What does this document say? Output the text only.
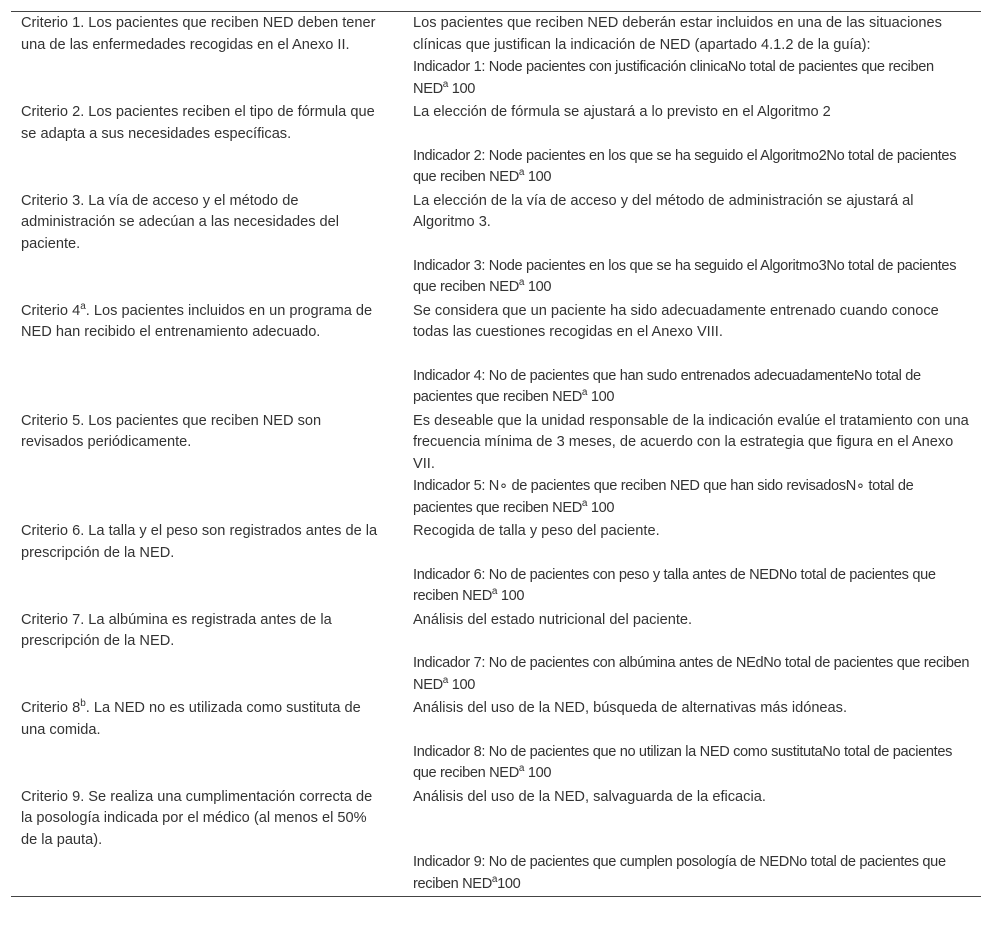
Criterio 1. Los pacientes que reciben NED deben tener una de las enfermedades recogidas en el Anexo II.

Los pacientes que reciben NED deberán estar incluidos en una de las situaciones clínicas que justifican la indicación de NED (apartado 4.1.2 de la guía):

Indicador 1: Node pacientes con justificación clinicaNo total de pacientes que reciben NED$^a$ 100

Criterio 2. Los pacientes reciben el tipo de fórmula que se adapta a sus necesidades específicas.

La elección de fórmula se ajustará a lo previsto en el Algoritmo 2

Indicador 2: Node pacientes en los que se ha seguido el Algoritmo2No total de pacientes que reciben NED$^a$ 100

Criterio 3. La vía de acceso y el método de administración se adecúan a las necesidades del paciente.

La elección de la vía de acceso y del método de administración se ajustará al Algoritmo 3.

Indicador 3: Node pacientes en los que se ha seguido el Algoritmo3No total de pacientes que reciben NED$^a$ 100

Criterio 4$^a$. Los pacientes incluidos en un programa de NED han recibido el entrenamiento adecuado.

Se considera que un paciente ha sido adecuadamente entrenado cuando conoce todas las cuestiones recogidas en el Anexo VIII.

Indicador 4: No de pacientes que han sudo entrenados adecuadamenteNo total de pacientes que reciben NED$^a$ 100

Criterio 5. Los pacientes que reciben NED son revisados periódicamente.

Es deseable que la unidad responsable de la indicación evalúe el tratamiento con una frecuencia mínima de 3 meses, de acuerdo con la estrategia que figura en el Anexo VII.

Indicador 5: N∘ de pacientes que reciben NED que han sido revisadosN∘ total de pacientes que reciben NED$^a$ 100

Criterio 6. La talla y el peso son registrados antes de la prescripción de la NED.

Recogida de talla y peso del paciente.

Indicador 6: No de pacientes con peso y talla antes de NEDNo total de pacientes que reciben NED$^a$ 100

Criterio 7. La albúmina es registrada antes de la prescripción de la NED.

Análisis del estado nutricional del paciente.

Indicador 7: No de pacientes con albúmina antes de NEdNo total de pacientes que reciben NED$^a$ 100

Criterio 8$^b$. La NED no es utilizada como sustituta de una comida.

Análisis del uso de la NED, búsqueda de alternativas más idóneas.

Indicador 8: No de pacientes que no utilizan la NED como sustitutaNo total de pacientes que reciben NED$^a$ 100

Criterio 9. Se realiza una cumplimentación correcta de la posología indicada por el médico (al menos el 50% de la pauta).

Análisis del uso de la NED, salvaguarda de la eficacia.

Indicador 9: No de pacientes que cumplen posología de NEDNo total de pacientes que reciben NED$^a$100
